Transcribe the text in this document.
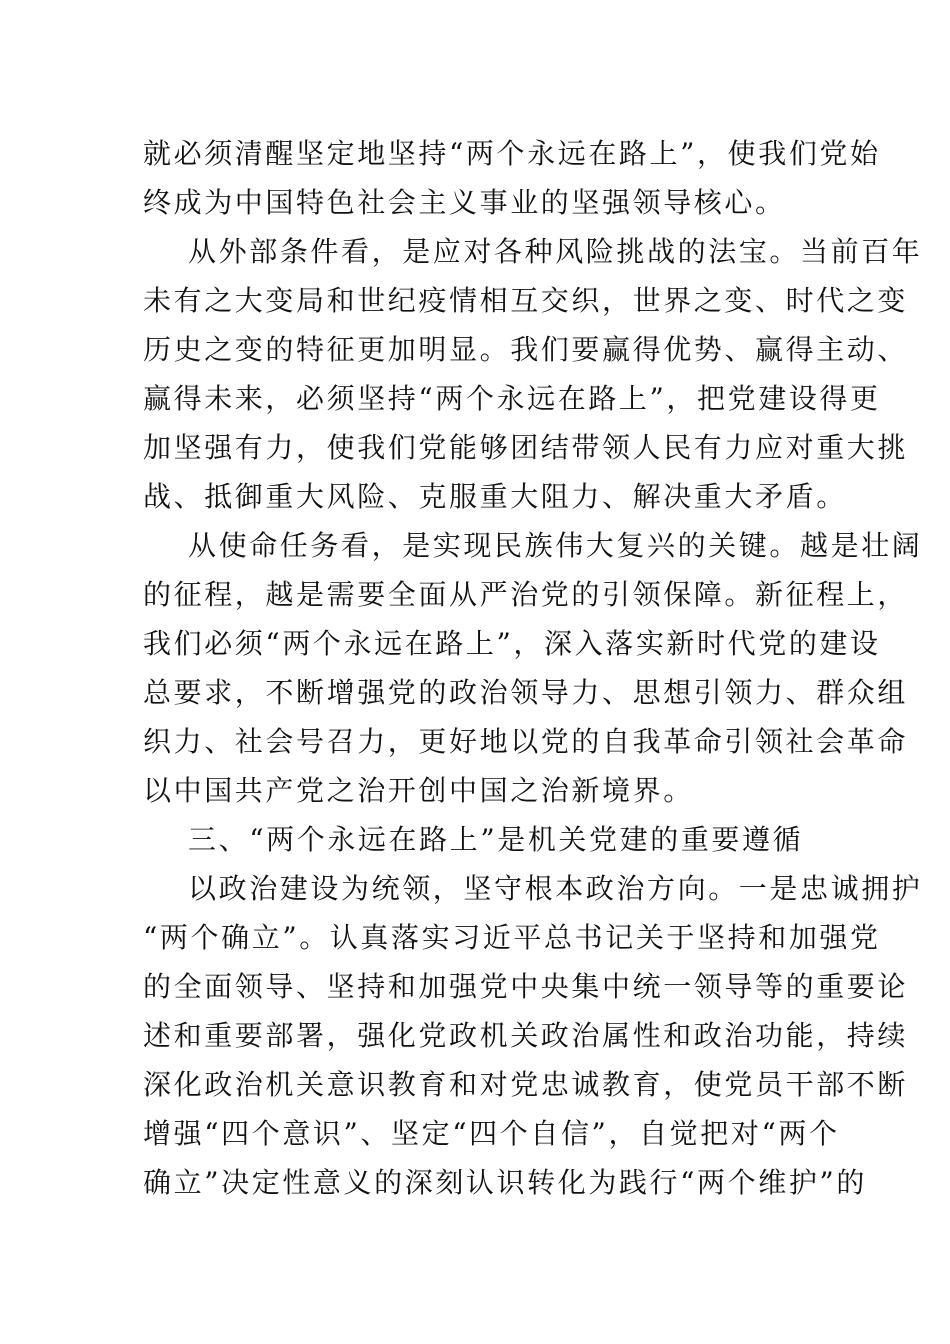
就必须清醒坚定地坚持“两个永远在路上”，使我们党始
终成为中国特色社会主义事业的坚强领导核心。
从外部条件看，是应对各种风险挑战的法宝。当前百年
未有之大变局和世纪疫情相互交织，世界之变、时代之变
历史之变的特征更加明显。我们要赢得优势、赢得主动、
赢得未来，必须坚持“两个永远在路上”，把党建设得更
加坚强有力，使我们党能够团结带领人民有力应对重大挑
战、抵御重大风险、克服重大阻力、解决重大矛盾。
从使命任务看，是实现民族伟大复兴的关键。越是壮阔
的征程，越是需要全面从严治党的引领保障。新征程上，
我们必须“两个永远在路上”，深入落实新时代党的建设
总要求，不断增强党的政治领导力、思想引领力、群众组
织力、社会号召力，更好地以党的自我革命引领社会革命
以中国共产党之治开创中国之治新境界。
三、“两个永远在路上”是机关党建的重要遵循
以政治建设为统领，坚守根本政治方向。一是忠诚拥护
“两个确立”。认真落实习近平总书记关于坚持和加强党
的全面领导、坚持和加强党中央集中统一领导等的重要论
述和重要部署，强化党政机关政治属性和政治功能，持续
深化政治机关意识教育和对党忠诚教育，使党员干部不断
增强“四个意识”、坚定“四个自信”，自觉把对“两个
确立”决定性意义的深刻认识转化为践行“两个维护”的
